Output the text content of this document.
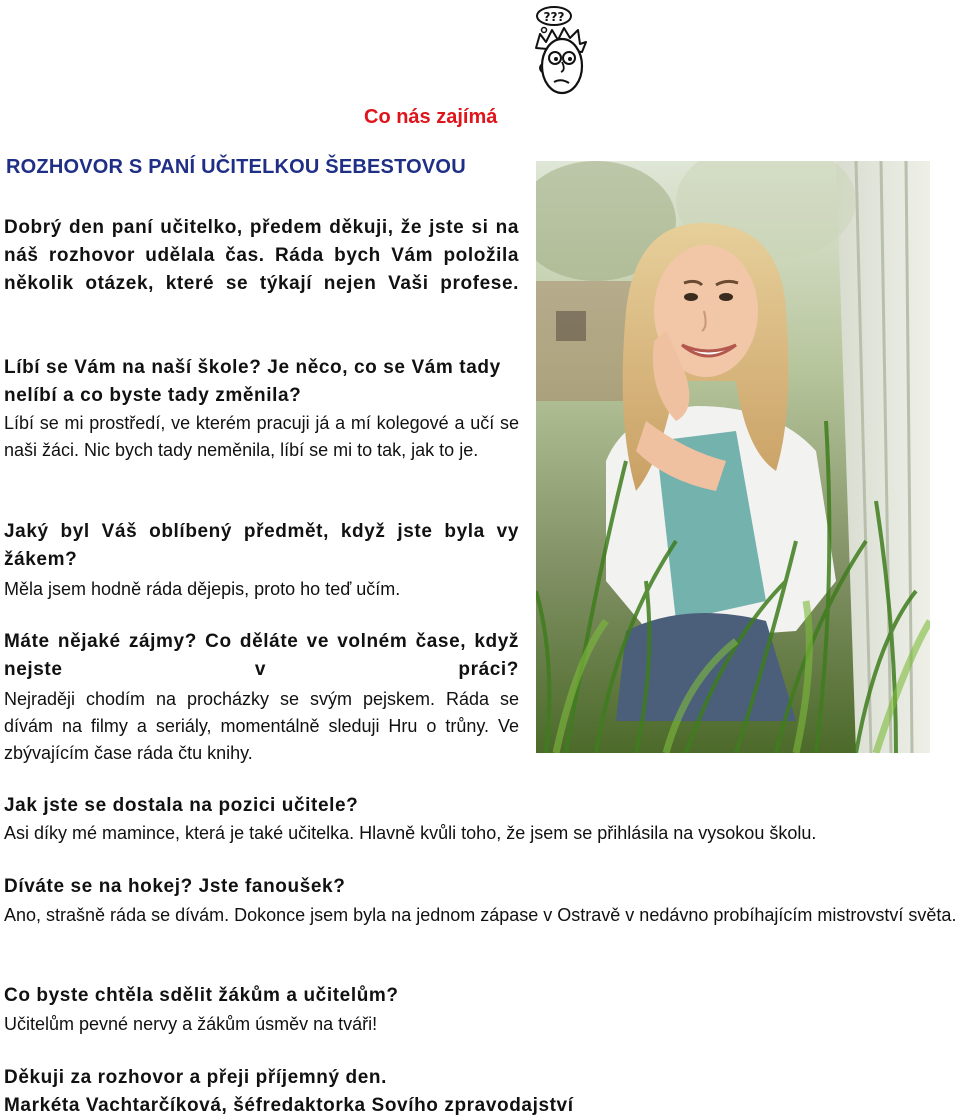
Co nás zajímá
???
ROZHOVOR S PANÍ UČITELKOU ŠEBESTOVOU

Dobrý den paní učitelko, předem děkuji, že jste si na náš rozhovor udělala čas. Ráda bych Vám položila několik otázek, které se týkají nejen Vaši profese.

Líbí se Vám na naší škole? Je něco, co se Vám tady nelíbí a co byste tady změnila?

Líbí se mi prostředí, ve kterém pracuji já a mí kolegové a učí se naši žáci. Nic bych tady neměnila, líbí se mi to tak, jak to je.

Jaký byl Váš oblíbený předmět, když jste byla vy žákem?

Měla jsem hodně ráda dějepis, proto ho teď učím.

Máte nějaké zájmy? Co děláte ve volném čase, když nejste v práci?

Nejraději chodím na procházky se svým pejskem. Ráda se dívám na filmy a seriály, momentálně sleduji Hru o trůny. Ve zbývajícím čase ráda čtu knihy.

Jak jste se dostala na pozici učitele?

Asi díky mé mamince, která je také učitelka. Hlavně kvůli toho, že jsem se přihlásila na vysokou školu.

Díváte se na hokej? Jste fanoušek?

Ano, strašně ráda se dívám. Dokonce jsem byla na jednom zápase v Ostravě v nedávno probíhajícím mistrovství světa.

Co byste chtěla sdělit žákům a učitelům?

Učitelům pevné nervy a žákům úsměv na tváři!

Děkuji za rozhovor a přeji příjemný den.

Markéta Vachtarčíková, šéfredaktorka Sovího zpravodajství
